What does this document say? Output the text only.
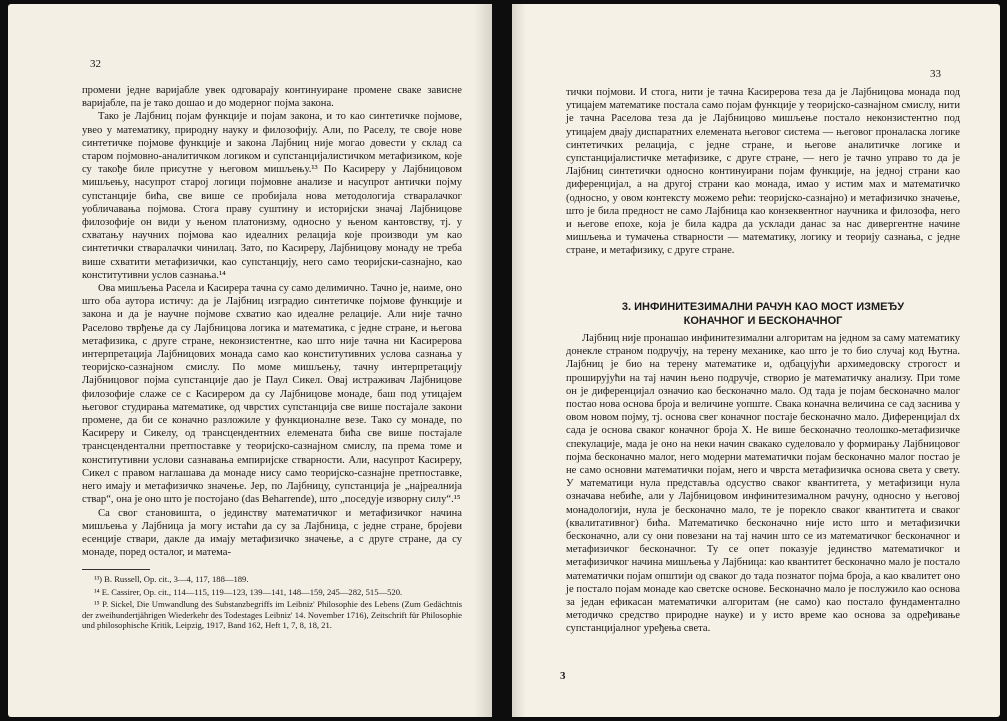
32

промени једне варијабле увек одговарају континуиране промене сваке зависне варијабле, па је тако дошао и до модерног појма закона.

Тако је Лајбниц појам функције и појам закона, и то као синтетичке појмове, увео у математику, природну науку и филозофију. Али, по Раселу, те своје нове синтетичке појмове функције и закона Лајбниц није могао довести у склад са старом појмовно-аналитичком логиком и супстанцијалистичком метафизиком, које су такође биле присутне у његовом мишљењу.¹³ По Касиреру у Лајбницовом мишљењу, насупрот старој логици појмовне анализе и насупрот антички појму супстанције бића, све више се пробијала нова методологија стваралачког уобличавања појмова. Стога праву суштину и историјски значај Лајбницове филозофије он види у њеном платонизму, односно у њеном кантовству, тј. у схватању научних појмова као идеалних релација које производи ум као синтетички стваралачки чинилац. Зато, по Касиреру, Лајбницову монаду не треба више схватити метафизички, као супстанцију, него само теоријски-сазнајно, као конститутивни услов сазнања.¹⁴

Ова мишљења Расела и Касирера тачна су само делимично. Тачно је, наиме, оно што оба аутора истичу: да је Лајбниц изградио синтетичке појмове функције и закона и да је научне појмове схватио као идеалне релације. Али није тачно Раселово тврђење да су Лајбницова логика и математика, с једне стране, и његова метафизика, с друге стране, неконзистентне, као што није тачна ни Касирерова интерпретација Лајбницових монада само као конститутивних услова сазнања у теоријско-сазнајном смислу. По моме мишљењу, тачну интерпретацију Лајбницовог појма супстанције дао је Паул Сикел. Овај истраживач Лајбницове филозофије слаже се с Касирером да су Лајбницове монаде, баш под утицајем његовог студирања математике, од чврстих супстанција све више постајале закони промене, да би се коначно разложиле у функционалне везе. Тако су монаде, по Касиреру и Сикелу, од трансцендентних елемената бића све више постајале трансцендентални претпоставке у теоријско-сазнајном смислу, па према томе и конститутивни услови сазнавања емпиријске стварности. Али, насупрот Касиреру, Сикел с правом наглашава да монаде нису само теоријско-сазнајне претпоставке, него имају и метафизичко значење. Јер, по Лајбницу, супстанција је „најреалнија ствар“, она је оно што је постојано (das Beharrende), што „поседује изворну силу“.¹⁵

Са свог становишта, о јединству математичког и метафизичког начина мишљења у Лајбница ја могу истаћи да су за Лајбница, с једне стране, бројеви есенције ствари, дакле да имају метафизичко значење, а с друге стране, да су монаде, поред осталог, и матема-

¹³) B. Russell, Op. cit., 3—4, 117, 188—189.

¹⁴ E. Cassirer, Op. cit., 114—115, 119—123, 139—141, 148—159, 245—282, 515—520.

¹⁵ P. Sickel, Die Umwandlung des Substanzbegriffs im Leibniz' Philosophie des Lebens (Zum Gedächtnis der zweihundertjährigen Wiederkehr des Todestages Leibniz' 14. November 1716), Zeitschrift für Philosophie und philosophische Kritik, Leipzig, 1917, Band 162, Heft 1, 7, 8, 18, 21.

33

тички појмови. И стога, нити је тачна Касирерова теза да је Лајбницова монада под утицајем математике постала само појам функције у теоријско-сазнајном смислу, нити је тачна Раселова теза да је Лајбницово мишљење постало неконзистентно под утицајем двају диспаратних елемената његовог система — његовог проналаска логике синтетичких релација, с једне стране, и његове аналитичке логике и супстанцијалистичке метафизике, с друге стране, — него је тачно управо то да је Лајбниц синтетички односно континуирани појам функције, на једној страни као диференцијал, а на другој страни као монада, имао у истим мах и математичко (односно, у овом контексту можемо рећи: теоријско-сазнајно) и метафизичко значење, што је била предност не само Лајбница као конзеквентног научника и филозофа, него и његове епохе, која је била кадра да усклади данас за нас дивергентне начине мишљења и тумачења стварности — математику, логику и теорију сазнања, с једне стране, и метафизику, с друге стране.

3. ИНФИНИТЕЗИМАЛНИ РАЧУН КАО МОСТ ИЗМЕЂУ
КОНАЧНОГ И БЕСКОНАЧНОГ

Лајбниц није пронашао инфинитезимални алгоритам на једном за саму математику донекле страном подручју, на терену механике, као што је то био случај код Њутна. Лајбниц је био на терену математике и, одбацујући архимедовску строгост и проширујући на тај начин њено подручје, створио је математичку анализу. При томе он је диференцијал означио као бесконачно мало. Од тада је појам бесконачно малог постао нова основа броја и величине уопште. Свака коначна величина се сад заснива у овом новом појму, тј. основа свег коначног постаје бесконачно мало. Диференцијал dx сада је основа сваког коначног броја X. Не више бесконачно теолошко-метафизичке спекулације, мада је оно на неки начин свакако суделовало у формирању Лајбницовог појма бесконачно малог, него модерни математички појам бесконачно малог постао је не само основни математички појам, него и чврста метафизичка основа света у свету. У математици нула представља одсуство сваког квантитета, у метафизици нула означава небиће, али у Лајбницовом инфинитезималном рачуну, односно у његовој монадологији, нула је бесконачно мало, те је порекло сваког квантитета и сваког (квалитативног) бића. Математичко бесконачно није исто што и метафизички бесконачно, али су они повезани на тај начин што се из математичког бесконачног и метафизичког бесконачног. Ту се опет показује јединство математичког и метафизичког начина мишљења у Лајбница: као квантитет бесконачно мало је постало математички појам општији од сваког до тада познатог појма броја, а као квалитет оно је постало појам монаде као светске основе. Бесконачно мало је послужило као основа за један ефикасан математички алгоритам (не само) као постало фундаментално методичко средство природне науке) и у исто време као основа за одређивање супстанцијалног уређења света.

3
